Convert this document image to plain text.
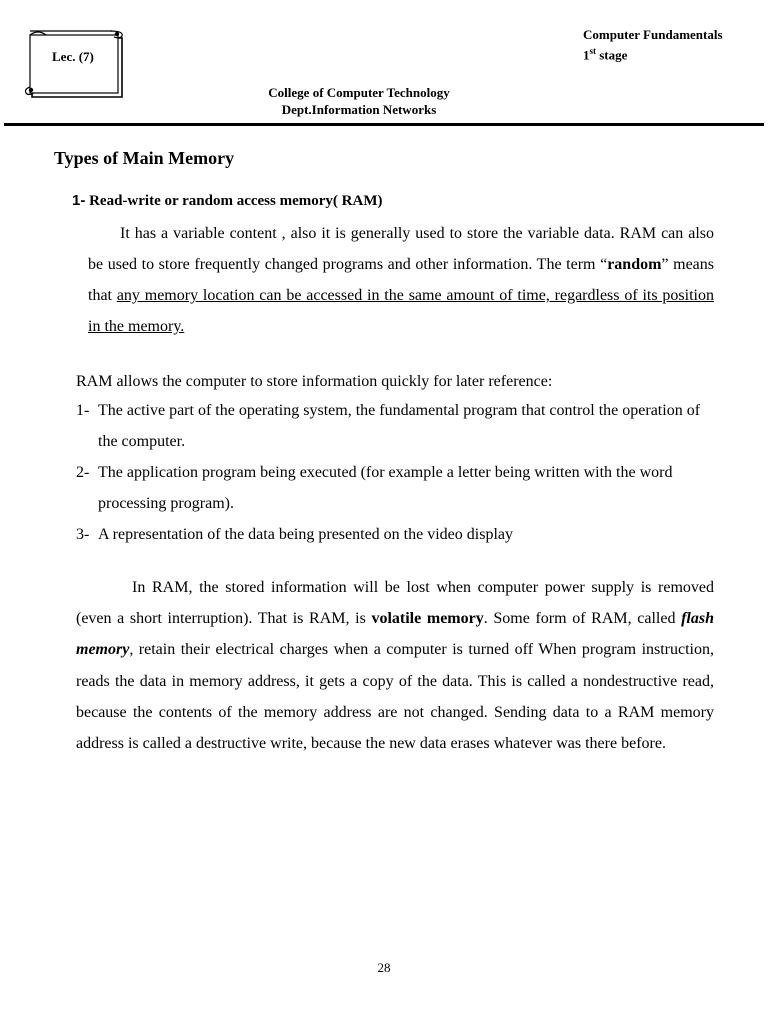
Lec. (7)
Computer Fundamentals
1st stage
College of Computer Technology
Dept.Information Networks
Types of Main Memory
1- Read-write or random access memory( RAM)

It has a variable content , also it is generally used to store the variable data. RAM can also be used to store frequently changed programs and other information. The term “random” means that any memory location can be accessed in the same amount of time, regardless of its position in the memory.

RAM allows the computer to store information quickly for later reference:
1- The active part of the operating system, the fundamental program that control the operation of the computer.
2- The application program being executed (for example a letter being written with the word processing program).
3- A representation of the data being presented on the video display

In RAM, the stored information will be lost when computer power supply is removed (even a short interruption). That is RAM, is volatile memory. Some form of RAM, called flash memory, retain their electrical charges when a computer is turned off When program instruction, reads the data in memory address, it gets a copy of the data. This is called a nondestructive read, because the contents of the memory address are not changed. Sending data to a RAM memory address is called a destructive write, because the new data erases whatever was there before.

28
